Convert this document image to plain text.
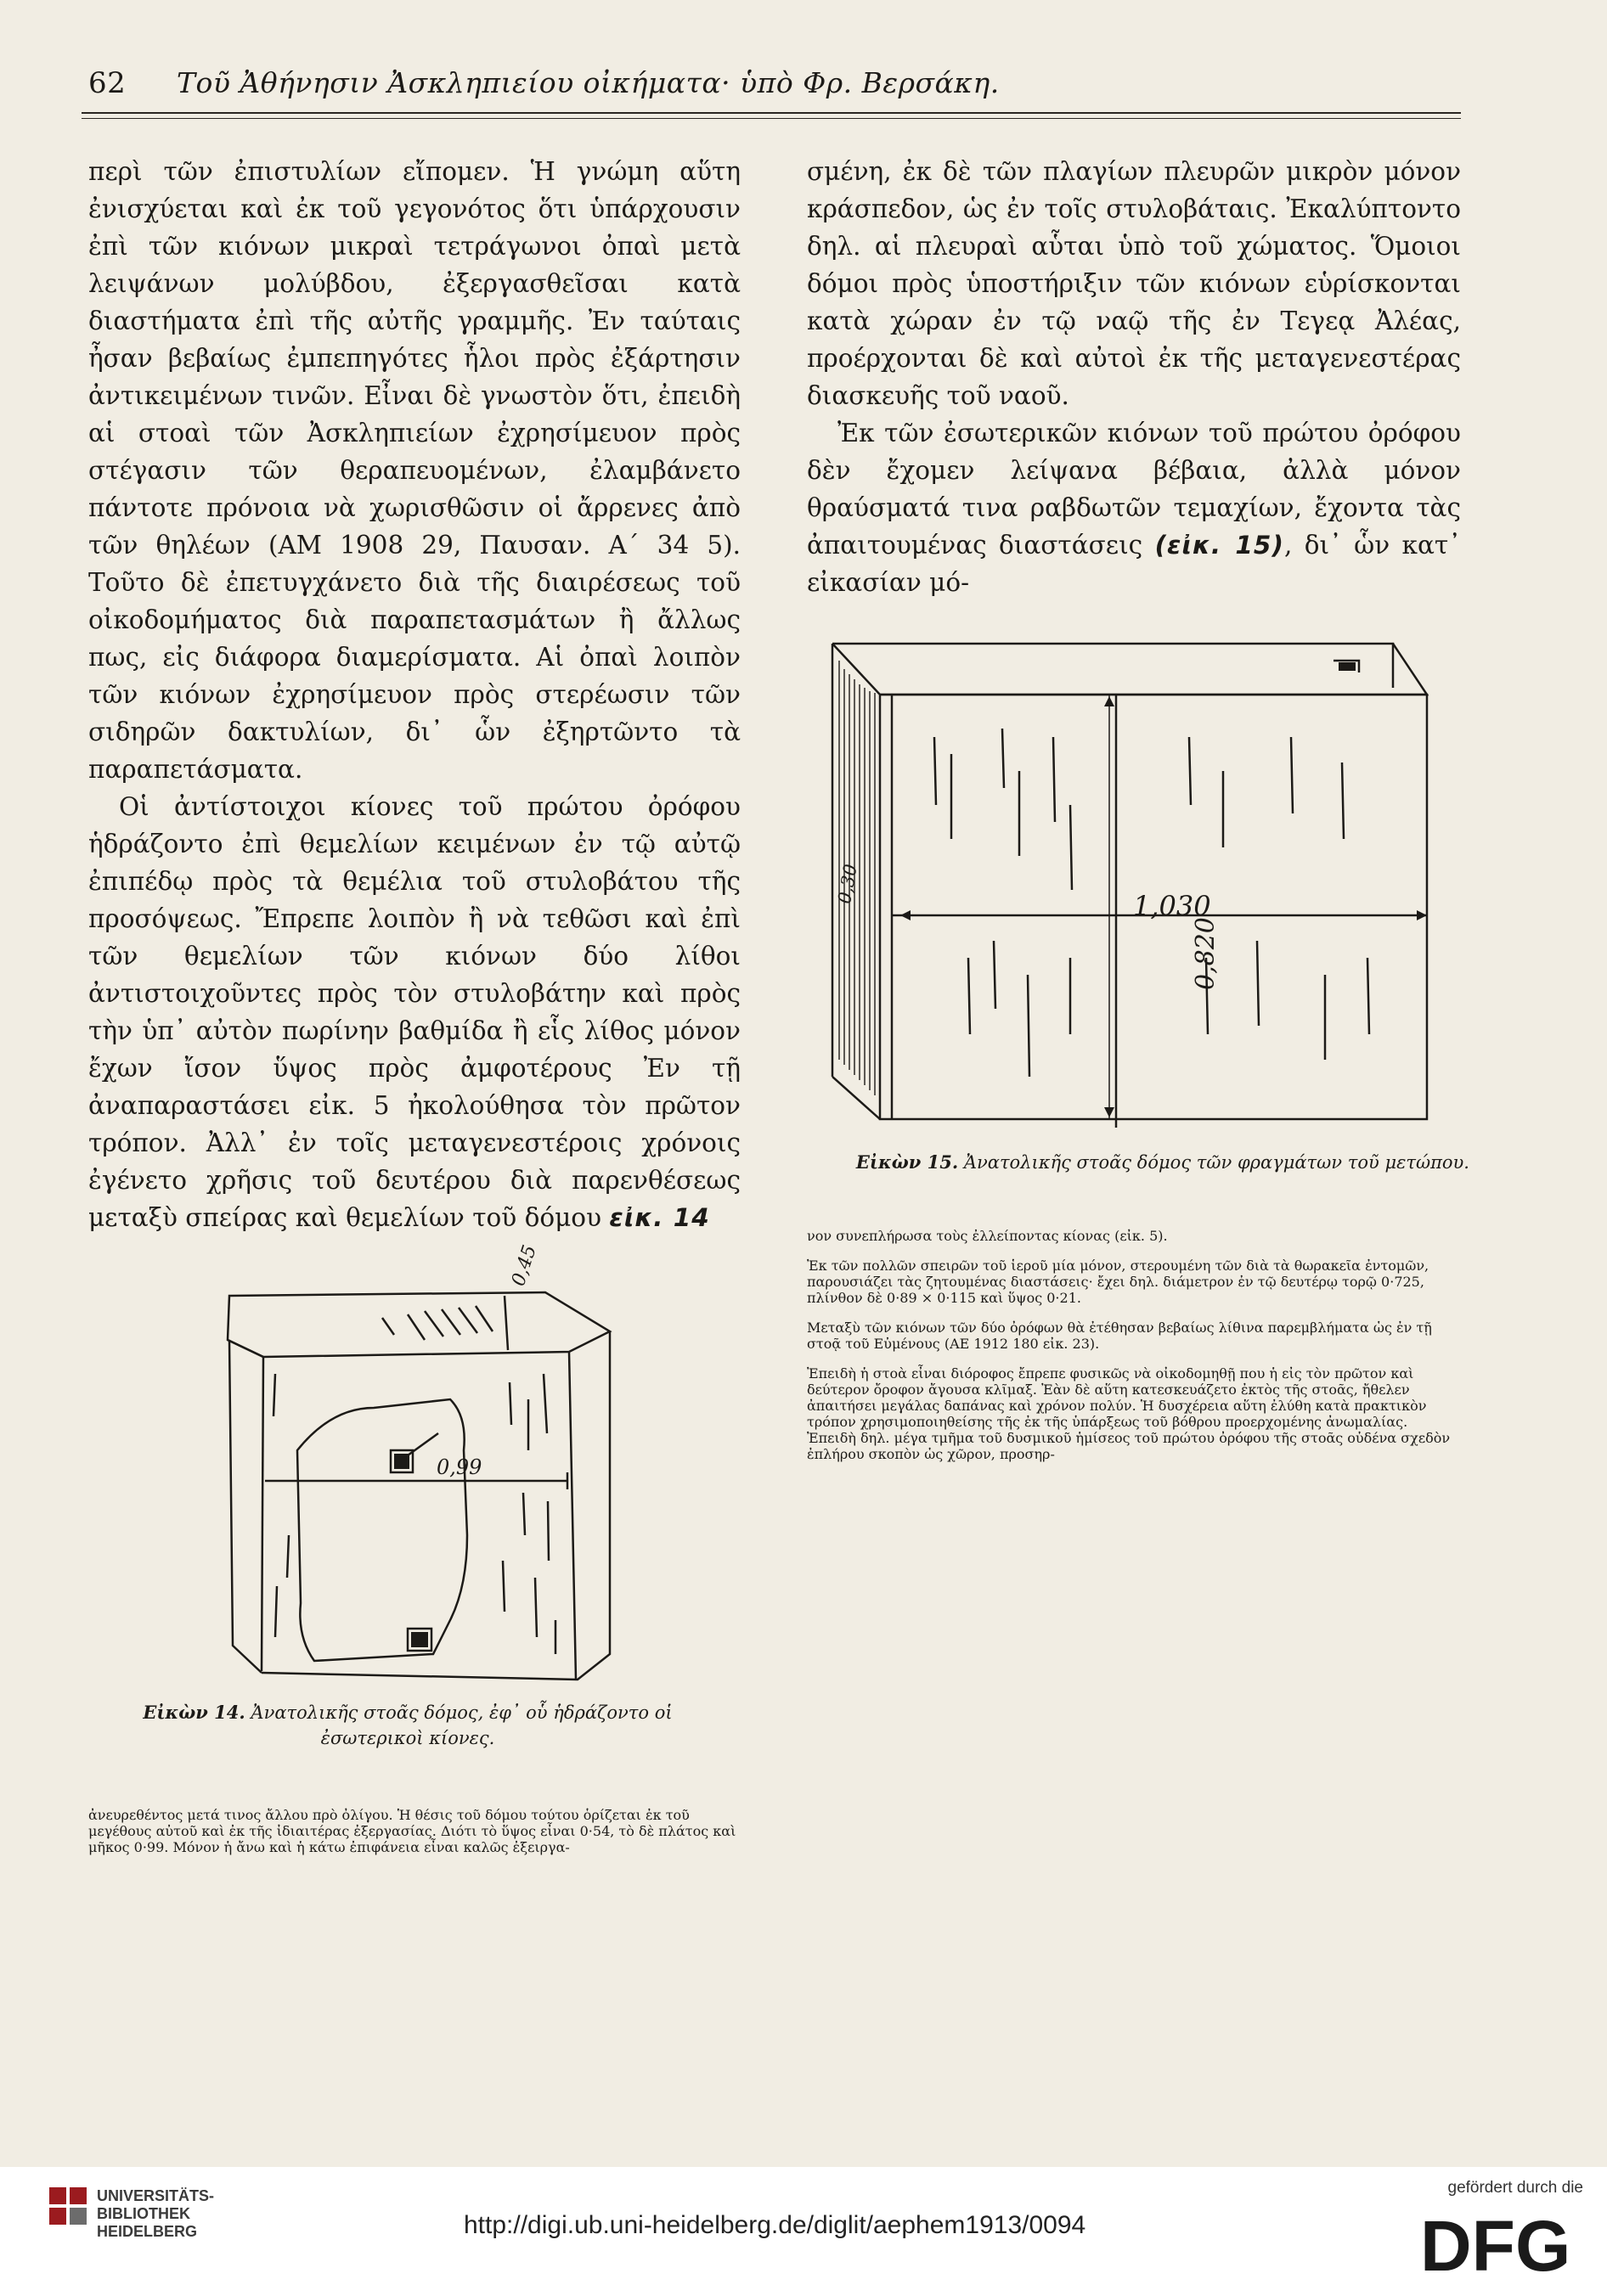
62 Τοῦ Ἀθήνησιν Ἀσκληπιείου οἰκήματα· ὑπὸ Φρ. Βερσάκη.

περὶ τῶν ἐπιστυλίων εἴπομεν. Ἡ γνώμη αὕτη ἐνισχύεται καὶ ἐκ τοῦ γεγονότος ὅτι ὑπάρχουσιν ἐπὶ τῶν κιόνων μικραὶ τετράγωνοι ὀπαὶ μετὰ λειψάνων μολύβδου, ἐξεργασθεῖσαι κατὰ διαστήματα ἐπὶ τῆς αὐτῆς γραμμῆς. Ἐν ταύταις ἦσαν βεβαίως ἐμπεπηγότες ἧλοι πρὸς ἐξάρτησιν ἀντικειμένων τινῶν. Εἶναι δὲ γνωστὸν ὅτι, ἐπειδὴ αἱ στοαὶ τῶν Ἀσκληπιείων ἐχρησίμευον πρὸς στέγασιν τῶν θεραπευομένων, ἐλαμβάνετο πάντοτε πρόνοια νὰ χωρισθῶσιν οἱ ἄρρενες ἀπὸ τῶν θηλέων (ΑΜ 1908 29, Παυσαν. Α´ 34 5). Τοῦτο δὲ ἐπετυγχάνετο διὰ τῆς διαιρέσεως τοῦ οἰκοδομήματος διὰ παραπετασμάτων ἢ ἄλλως πως, εἰς διάφορα διαμερίσματα. Αἱ ὀπαὶ λοιπὸν τῶν κιόνων ἐχρησίμευον πρὸς στερέωσιν τῶν σιδηρῶν δακτυλίων, δι᾽ ὧν ἐξηρτῶντο τὰ παραπετάσματα.

Οἱ ἀντίστοιχοι κίονες τοῦ πρώτου ὀρόφου ἡδράζοντο ἐπὶ θεμελίων κειμένων ἐν τῷ αὐτῷ ἐπιπέδῳ πρὸς τὰ θεμέλια τοῦ στυλοβάτου τῆς προσόψεως. Ἔπρεπε λοιπὸν ἢ νὰ τεθῶσι καὶ ἐπὶ τῶν θεμελίων τῶν κιόνων δύο λίθοι ἀντιστοιχοῦντες πρὸς τὸν στυλοβάτην καὶ πρὸς τὴν ὑπ᾽ αὐτὸν πωρίνην βαθμίδα ἢ εἷς λίθος μόνον ἔχων ἴσον ὕψος πρὸς ἀμφοτέρους Ἐν τῇ ἀναπαραστάσει εἰκ. 5 ἠκολούθησα τὸν πρῶτον τρόπον. Ἀλλ᾽ ἐν τοῖς μεταγενεστέροις χρόνοις ἐγένετο χρῆσις τοῦ δευτέρου διὰ παρενθέσεως μεταξὺ σπείρας καὶ θεμελίων τοῦ δόμου εἰκ. 14

Εἰκὼν 14. Ἀνατολικῆς στοᾶς δόμος, ἐφ᾽ οὗ ἡδράζοντο οἱ ἐσωτερικοὶ κίονες.
0,45
0,99

ἀνευρεθέντος μετά τινος ἄλλου πρὸ ὀλίγου. Ἡ θέσις τοῦ δόμου τούτου ὁρίζεται ἐκ τοῦ μεγέθους αὐτοῦ καὶ ἐκ τῆς ἰδιαιτέρας ἐξεργασίας. Διότι τὸ ὕψος εἶναι 0·54, τὸ δὲ πλάτος καὶ μῆκος 0·99. Μόνον ἡ ἄνω καὶ ἡ κάτω ἐπιφάνεια εἶναι καλῶς ἐξειργα-

σμένη, ἐκ δὲ τῶν πλαγίων πλευρῶν μικρὸν μόνον κράσπεδον, ὡς ἐν τοῖς στυλοβάταις. Ἐκαλύπτοντο δηλ. αἱ πλευραὶ αὗται ὑπὸ τοῦ χώματος. Ὅμοιοι δόμοι πρὸς ὑποστήριξιν τῶν κιόνων εὑρίσκονται κατὰ χώραν ἐν τῷ ναῷ τῆς ἐν Τεγεᾳ Ἀλέας, προέρχονται δὲ καὶ αὐτοὶ ἐκ τῆς μεταγενεστέρας διασκευῆς τοῦ ναοῦ.

Ἐκ τῶν ἐσωτερικῶν κιόνων τοῦ πρώτου ὀρόφου δὲν ἔχομεν λείψανα βέβαια, ἀλλὰ μόνον θραύσματά τινα ραβδωτῶν τεμαχίων, ἔχοντα τὰς ἀπαιτουμένας διαστάσεις (εἰκ. 15), δι᾽ ὧν κατ᾽ εἰκασίαν μό-

0,30
1,030
0,820
Εἰκὼν 15. Ἀνατολικῆς στοᾶς δόμος τῶν φραγμάτων τοῦ μετώπου.

νον συνεπλήρωσα τοὺς ἐλλείποντας κίονας (εἰκ. 5).

Ἐκ τῶν πολλῶν σπειρῶν τοῦ ἱεροῦ μία μόνον, στερουμένη τῶν διὰ τὰ θωρακεῖα ἐντομῶν, παρουσιάζει τὰς ζητουμένας διαστάσεις· ἔχει δηλ. διάμετρον ἐν τῷ δευτέρῳ τορῷ 0·725, πλίνθον δὲ 0·89 × 0·115 καὶ ὕψος 0·21.

Μεταξὺ τῶν κιόνων τῶν δύο ὀρόφων θὰ ἐτέθησαν βεβαίως λίθινα παρεμβλήματα ὡς ἐν τῇ στοᾷ τοῦ Εὐμένους (ΑΕ 1912 180 εἰκ. 23).

Ἐπειδὴ ἡ στοὰ εἶναι διόροφος ἔπρεπε φυσικῶς νὰ οἰκοδομηθῇ που ἡ εἰς τὸν πρῶτον καὶ δεύτερον ὄροφον ἄγουσα κλῖμαξ. Ἐὰν δὲ αὕτη κατεσκευάζετο ἐκτὸς τῆς στοᾶς, ἤθελεν ἀπαιτήσει μεγάλας δαπάνας καὶ χρόνον πολύν. Ἡ δυσχέρεια αὕτη ἐλύθη κατὰ πρακτικὸν τρόπον χρησιμοποιηθείσης τῆς ἐκ τῆς ὑπάρξεως τοῦ βόθρου προερχομένης ἀνωμαλίας. Ἐπειδὴ δηλ. μέγα τμῆμα τοῦ δυσμικοῦ ἡμίσεος τοῦ πρώτου ὀρόφου τῆς στοᾶς οὐδένα σχεδὸν ἐπλήρου σκοπὸν ὡς χῶρον, προσηρ-

UNIVERSITÄTS-
BIBLIOTHEK
HEIDELBERG	http://digi.ub.uni-heidelberg.de/diglit/aephem1913/0094
gefördert durch die
DFG
